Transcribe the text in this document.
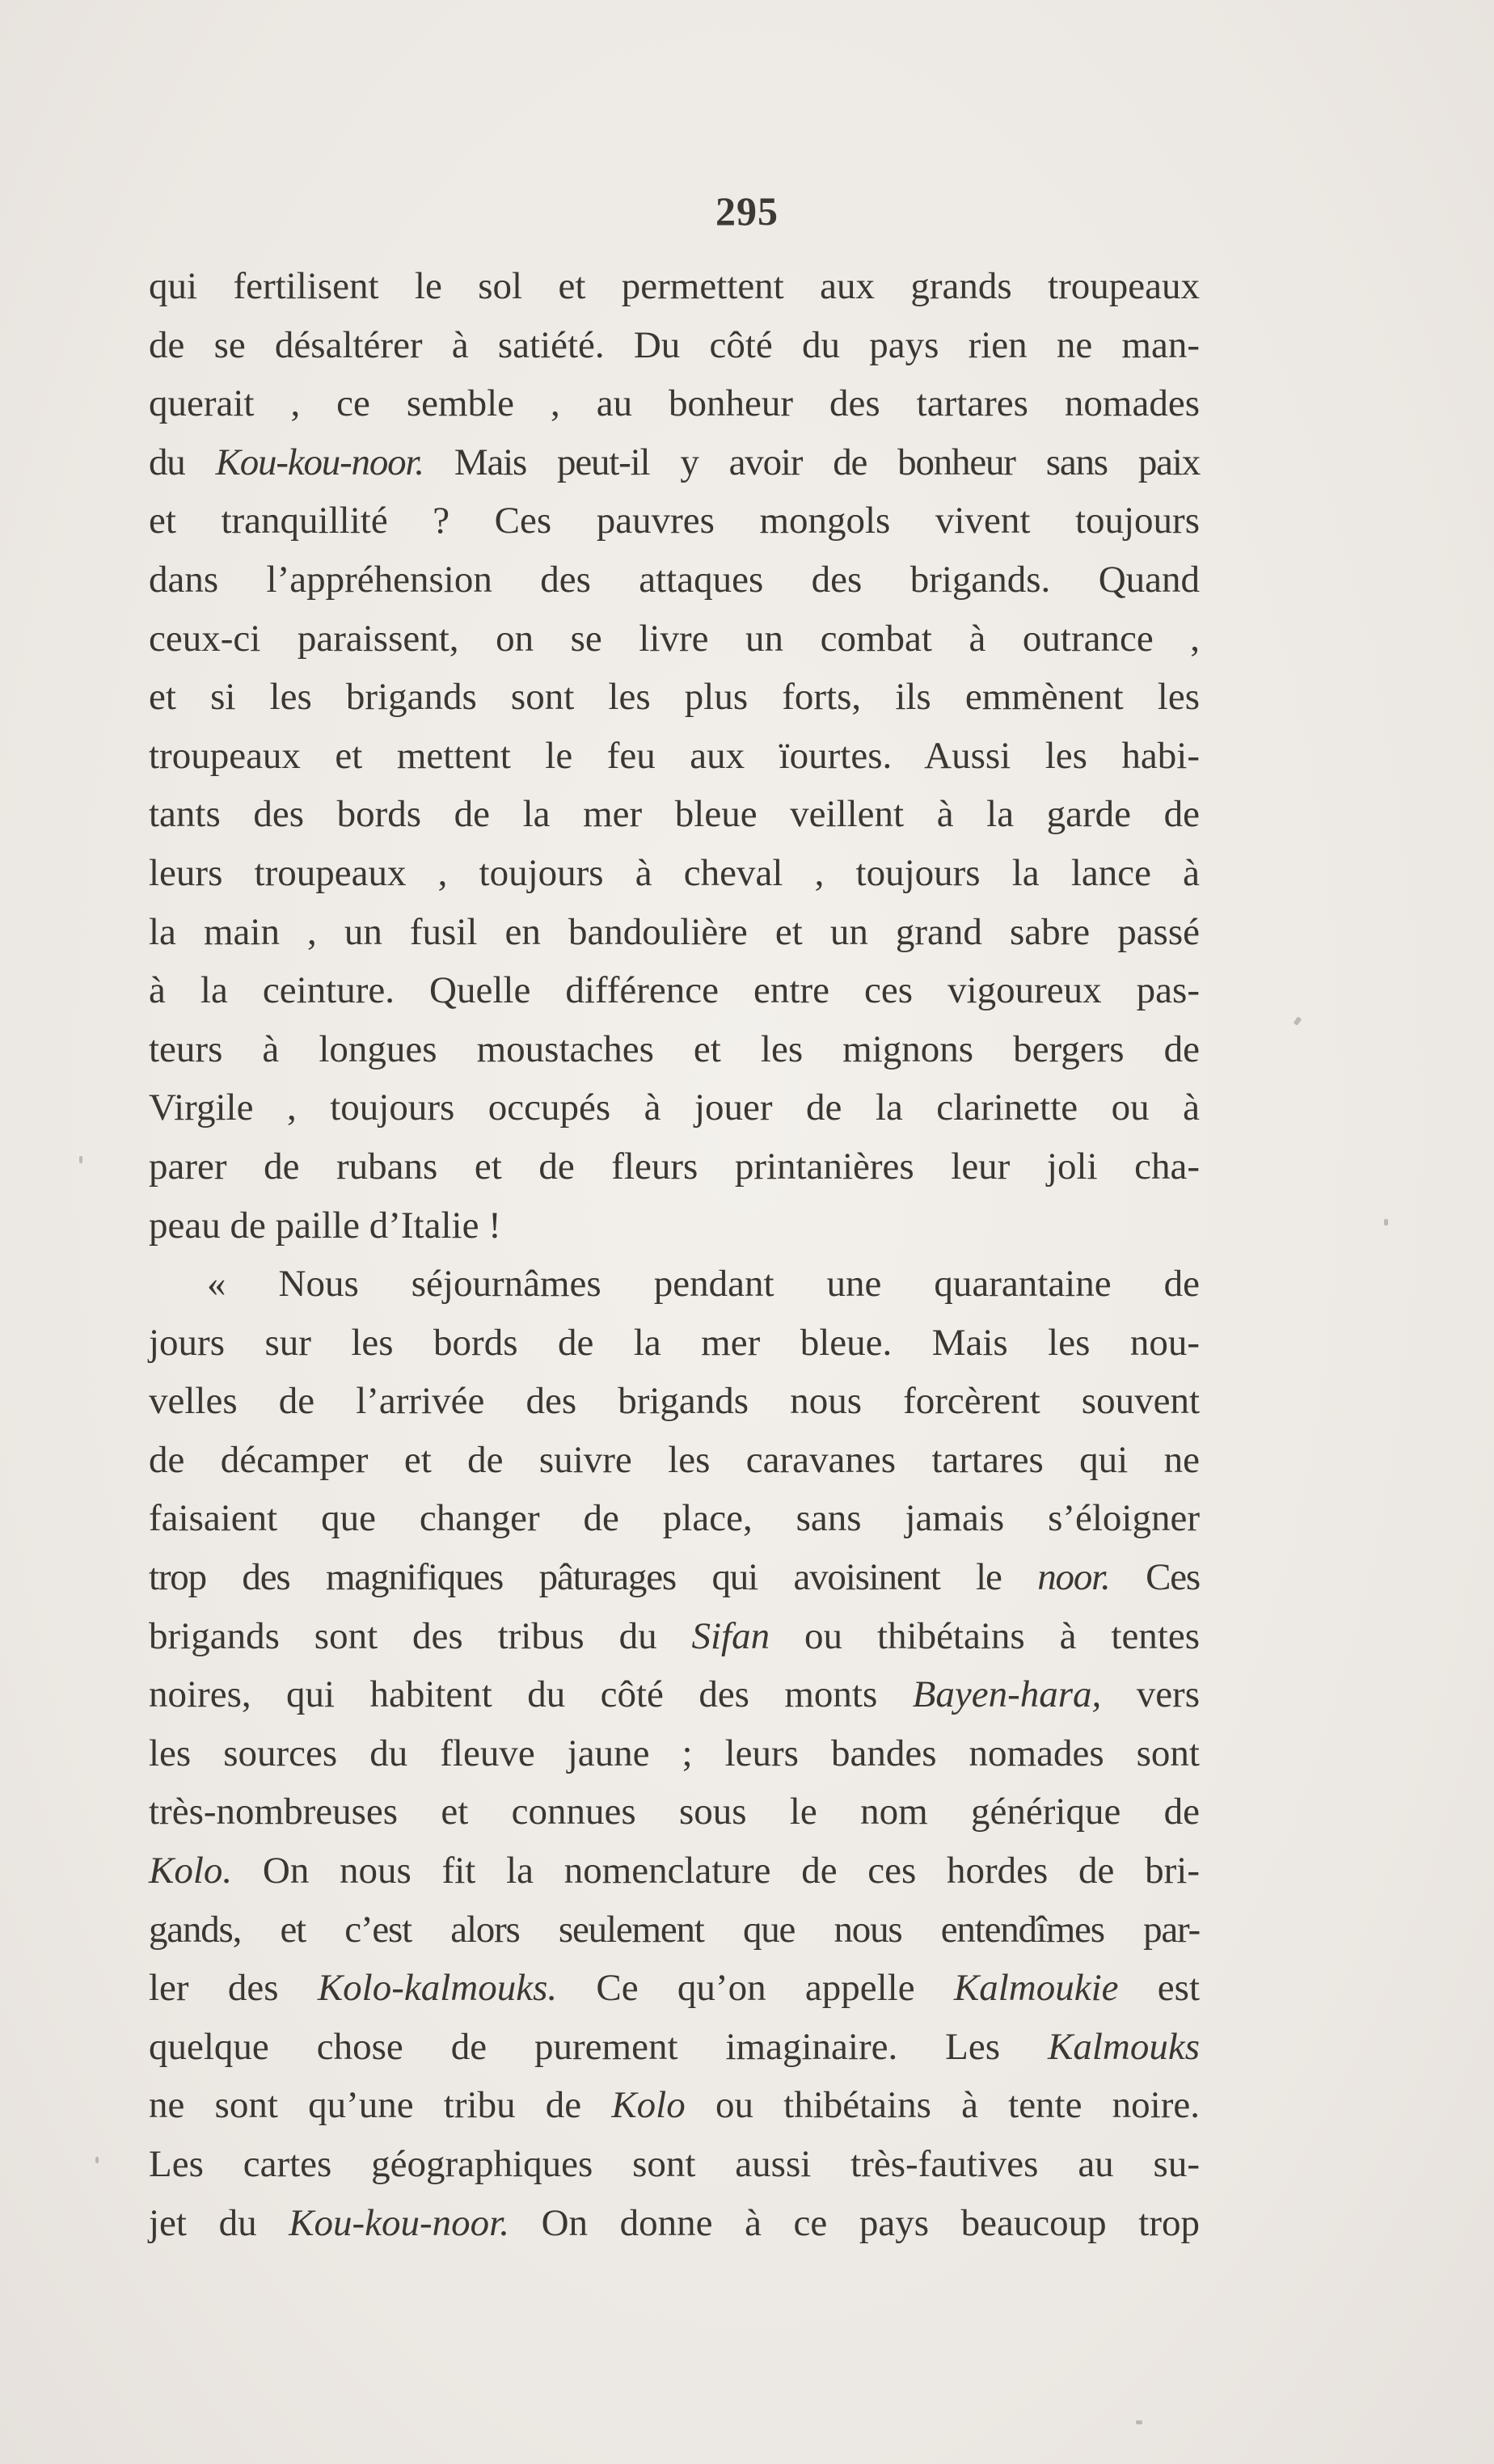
295
qui fertilisent le sol et permettent aux grands troupeaux
de se désaltérer à satiété. Du côté du pays rien ne man-
querait , ce semble , au bonheur des tartares nomades
du Kou-kou-noor. Mais peut-il y avoir de bonheur sans paix
et tranquillité ? Ces pauvres mongols vivent toujours
dans l’appréhension des attaques des brigands. Quand
ceux-ci paraissent, on se livre un combat à outrance ,
et si les brigands sont les plus forts, ils emmènent les
troupeaux et mettent le feu aux ïourtes. Aussi les habi-
tants des bords de la mer bleue veillent à la garde de
leurs troupeaux , toujours à cheval , toujours la lance à
la main , un fusil en bandoulière et un grand sabre passé
à la ceinture. Quelle différence entre ces vigoureux pas-
teurs à longues moustaches et les mignons bergers de
Virgile , toujours occupés à jouer de la clarinette ou à
parer de rubans et de fleurs printanières leur joli cha-
peau de paille d’Italie !
« Nous séjournâmes pendant une quarantaine de
jours sur les bords de la mer bleue. Mais les nou-
velles de l’arrivée des brigands nous forcèrent souvent
de décamper et de suivre les caravanes tartares qui ne
faisaient que changer de place, sans jamais s’éloigner
trop des magnifiques pâturages qui avoisinent le noor. Ces
brigands sont des tribus du Sifan ou thibétains à tentes
noires, qui habitent du côté des monts Bayen-hara, vers
les sources du fleuve jaune ; leurs bandes nomades sont
très-nombreuses et connues sous le nom générique de
Kolo. On nous fit la nomenclature de ces hordes de bri-
gands, et c’est alors seulement que nous entendîmes par-
ler des Kolo-kalmouks. Ce qu’on appelle Kalmoukie est
quelque chose de purement imaginaire. Les Kalmouks
ne sont qu’une tribu de Kolo ou thibétains à tente noire.
Les cartes géographiques sont aussi très-fautives au su-
jet du Kou-kou-noor. On donne à ce pays beaucoup trop
